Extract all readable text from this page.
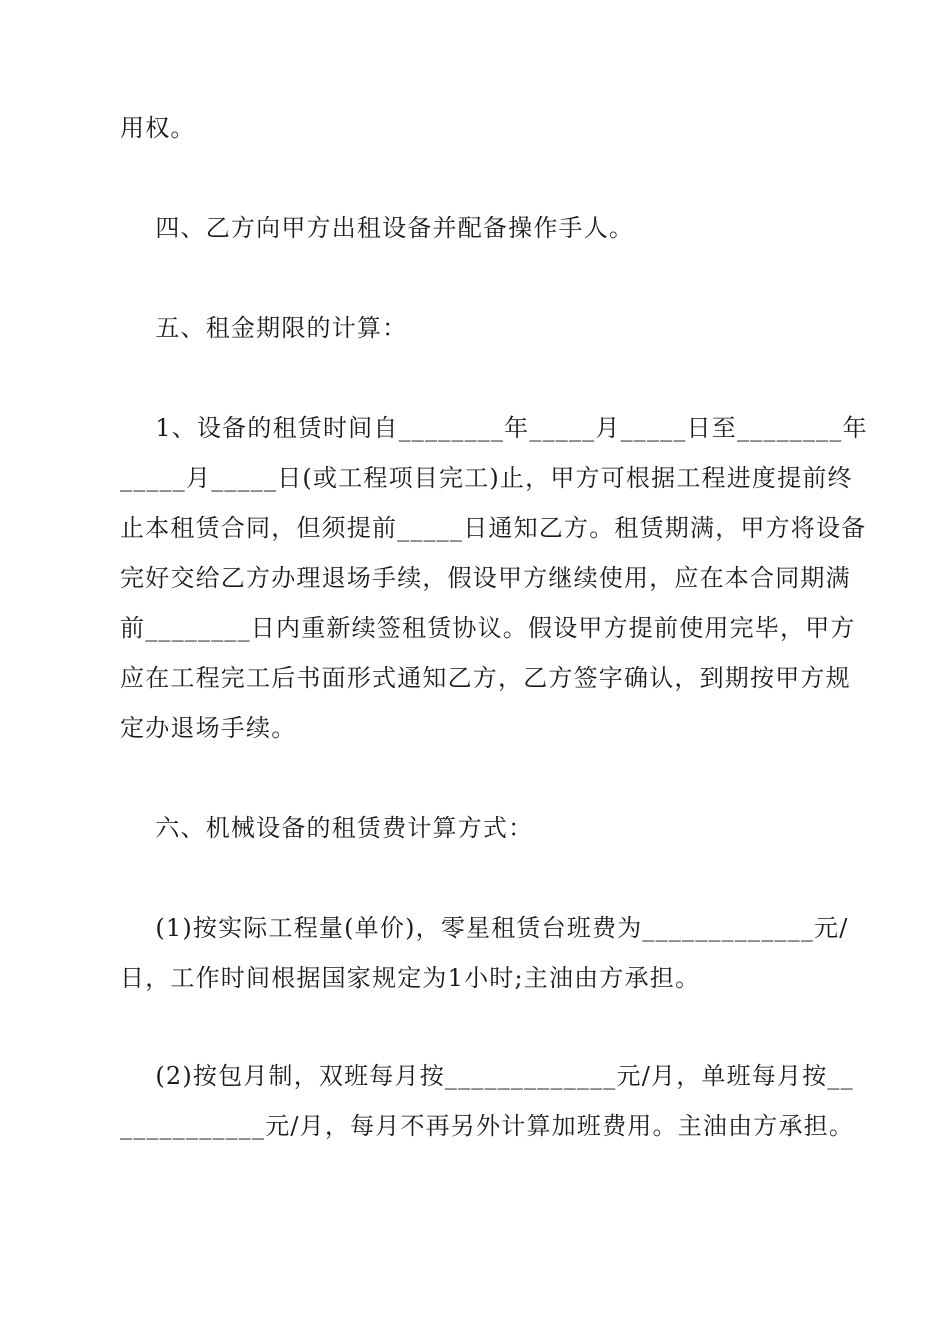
用权。
四、乙方向甲方出租设备并配备操作手人。
五、租金期限的计算：
1、设备的租赁时间自________年_____月_____日至________年
_____月_____日(或工程项目完工)止，甲方可根据工程进度提前终
止本租赁合同，但须提前_____日通知乙方。租赁期满，甲方将设备
完好交给乙方办理退场手续，假设甲方继续使用，应在本合同期满
前________日内重新续签租赁协议。假设甲方提前使用完毕，甲方
应在工程完工后书面形式通知乙方，乙方签字确认，到期按甲方规
定办退场手续。
六、机械设备的租赁费计算方式：
(1)按实际工程量(单价)，零星租赁台班费为_____________元/
日，工作时间根据国家规定为1小时;主油由方承担。
(2)按包月制，双班每月按_____________元/月，单班每月按__
___________元/月，每月不再另外计算加班费用。主油由方承担。
